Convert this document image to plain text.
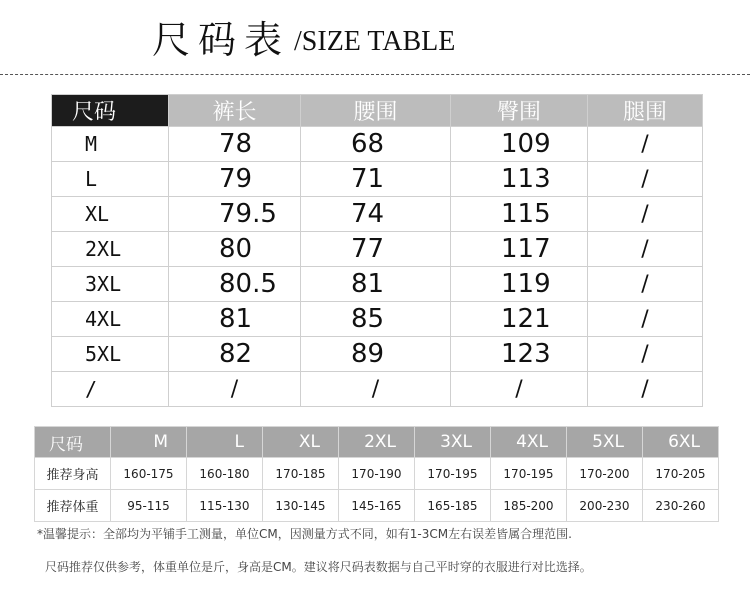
尺码表 /SIZE TABLE
尺码	裤长	腰围	臀围	腿围
M	78	68	109	/
L	79	71	113	/
XL	79.5	74	115	/
2XL	80	77	117	/
3XL	80.5	81	119	/
4XL	81	85	121	/
5XL	82	89	123	/
/	/	/	/	/
尺码	M	L	XL	2XL	3XL	4XL	5XL	6XL
推荐身高	160-175	160-180	170-185	170-190	170-195	170-195	170-200	170-205
推荐体重	95-115	115-130	130-145	145-165	165-185	185-200	200-230	230-260
*温馨提示：全部均为平铺手工测量，单位CM，因测量方式不同，如有1-3CM左右误差皆属合理范围.
尺码推荐仅供参考，体重单位是斤，身高是CM。建议将尺码表数据与自己平时穿的衣服进行对比选择。
